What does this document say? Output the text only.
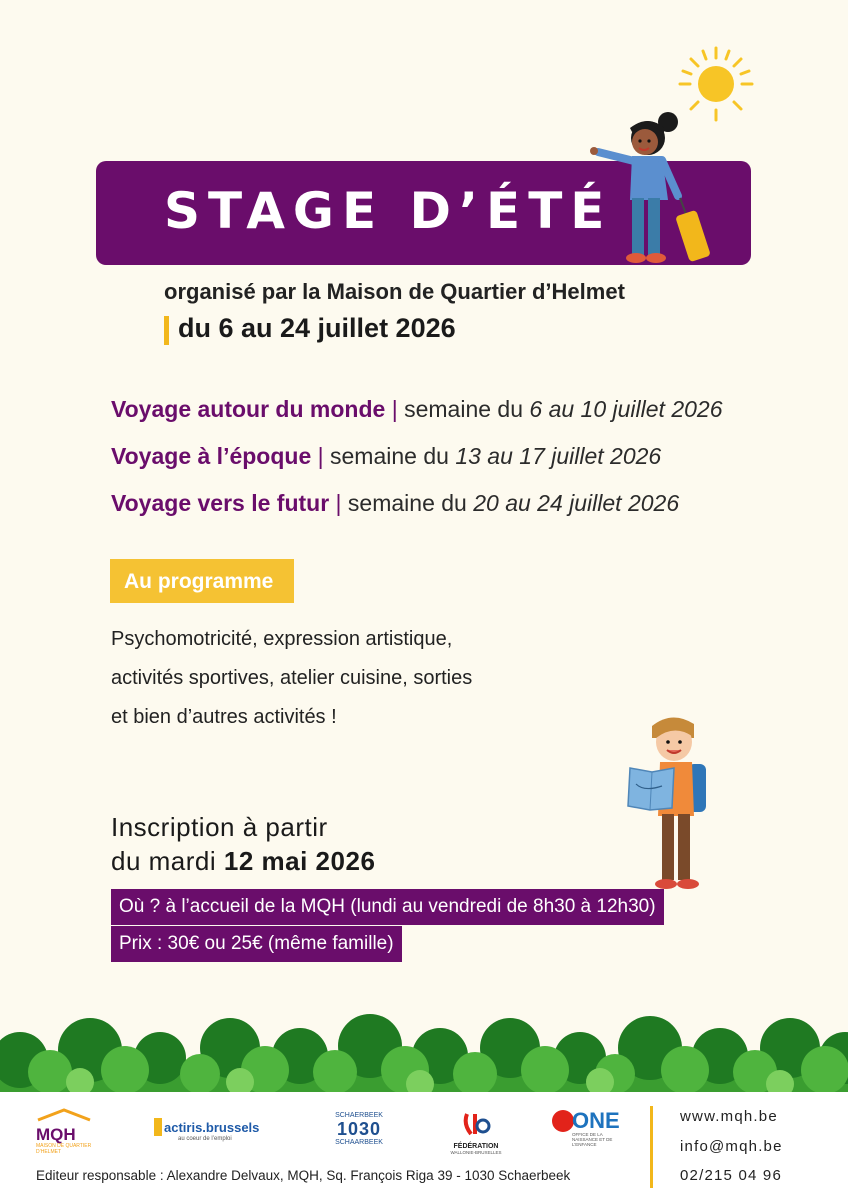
STAGE D’ÉTÉ
organisé par la Maison de Quartier d’Helmet
du 6 au 24 juillet 2026
Voyage autour du monde | semaine du 6 au 10 juillet 2026
Voyage à l’époque | semaine du 13 au 17 juillet 2026
Voyage vers le futur | semaine du 20 au 24 juillet 2026
Au programme
Psychomotricité, expression artistique,
activités sportives, atelier cuisine, sorties
et bien d’autres activités !
Inscription à partir
du mardi 12 mai 2026
Où ? à l’accueil de la MQH (lundi au vendredi de 8h30 à 12h30)
Prix : 30€ ou 25€ (même famille)
MQH
MAISON DE QUARTIER D’HELMET
actiris.brussels
au coeur de l’emploi
SCHAERBEEK
1030
SCHAARBEEK
FÉDÉRATION
WALLONIE-BRUXELLES
ONE
OFFICE DE LA NAISSANCE ET DE L’ENFANCE
www.mqh.be
info@mqh.be
02/215 04 96
Editeur responsable : Alexandre Delvaux, MQH, Sq. François Riga 39 - 1030 Schaerbeek
